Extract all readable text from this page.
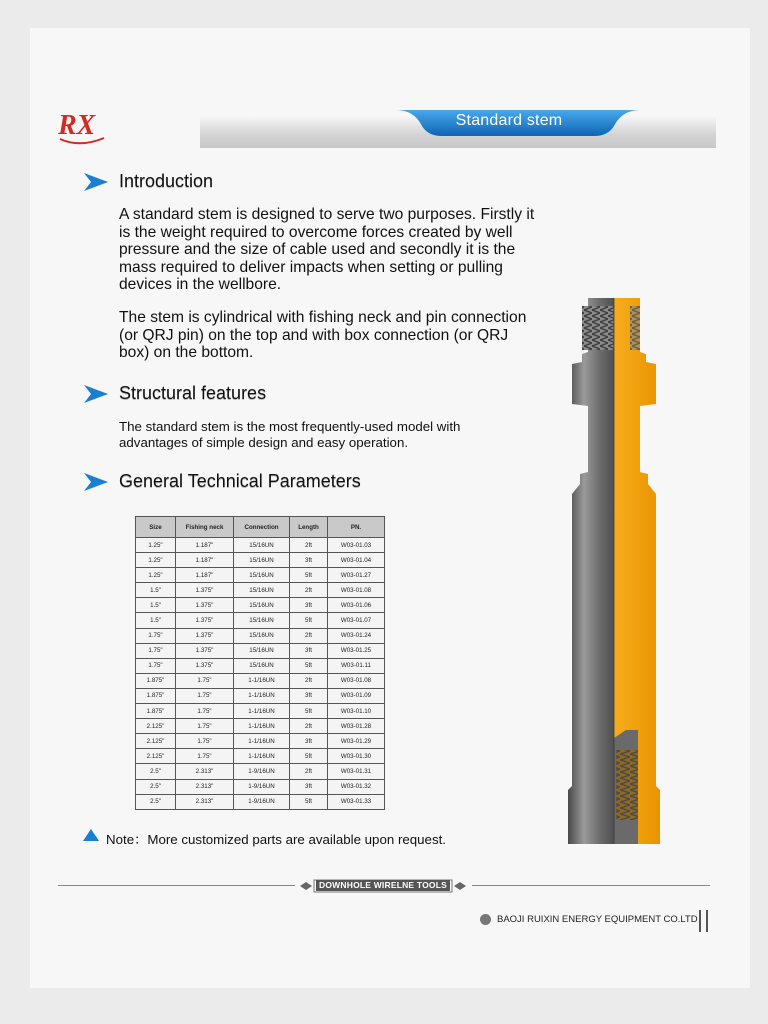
RX	Standard stem
Introduction

A standard stem is designed to serve two purposes. Firstly it is the weight required to overcome forces created by well pressure and the size of cable used and secondly it is the mass required to deliver impacts when setting or pulling devices in the wellbore.

The stem is cylindrical with fishing neck and pin connection (or QRJ pin) on the top and with box connection (or QRJ box) on the bottom.

Structural features

The standard stem is the most frequently-used model with advantages of simple design and easy operation.

General Technical Parameters
Size	Fishing neck	Connection	Length	PN.
1.25"	1.187"	15/16UN	2ft	W03-01.03
1.25"	1.187"	15/16UN	3ft	W03-01.04
1.25"	1.187"	15/16UN	5ft	W03-01.27
1.5"	1.375"	15/16UN	2ft	W03-01.08
1.5"	1.375"	15/16UN	3ft	W03-01.06
1.5"	1.375"	15/16UN	5ft	W03-01.07
1.75"	1.375"	15/16UN	2ft	W03-01.24
1.75"	1.375"	15/16UN	3ft	W03-01.25
1.75"	1.375"	15/16UN	5ft	W03-01.11
1.875"	1.75"	1-1/16UN	2ft	W03-01.08
1.875"	1.75"	1-1/16UN	3ft	W03-01.09
1.875"	1.75"	1-1/16UN	5ft	W03-01.10
2.125"	1.75"	1-1/16UN	2ft	W03-01.28
2.125"	1.75"	1-1/16UN	3ft	W03-01.29
2.125"	1.75"	1-1/16UN	5ft	W03-01.30
2.5"	2.313"	1-9/16UN	2ft	W03-01.31
2.5"	2.313"	1-9/16UN	3ft	W03-01.32
2.5"	2.313"	1-9/16UN	5ft	W03-01.33
Note：More customized parts are available upon request.
DOWNHOLE WIRELNE TOOLS
BAOJI RUIXIN ENERGY EQUIPMENT CO.LTD
